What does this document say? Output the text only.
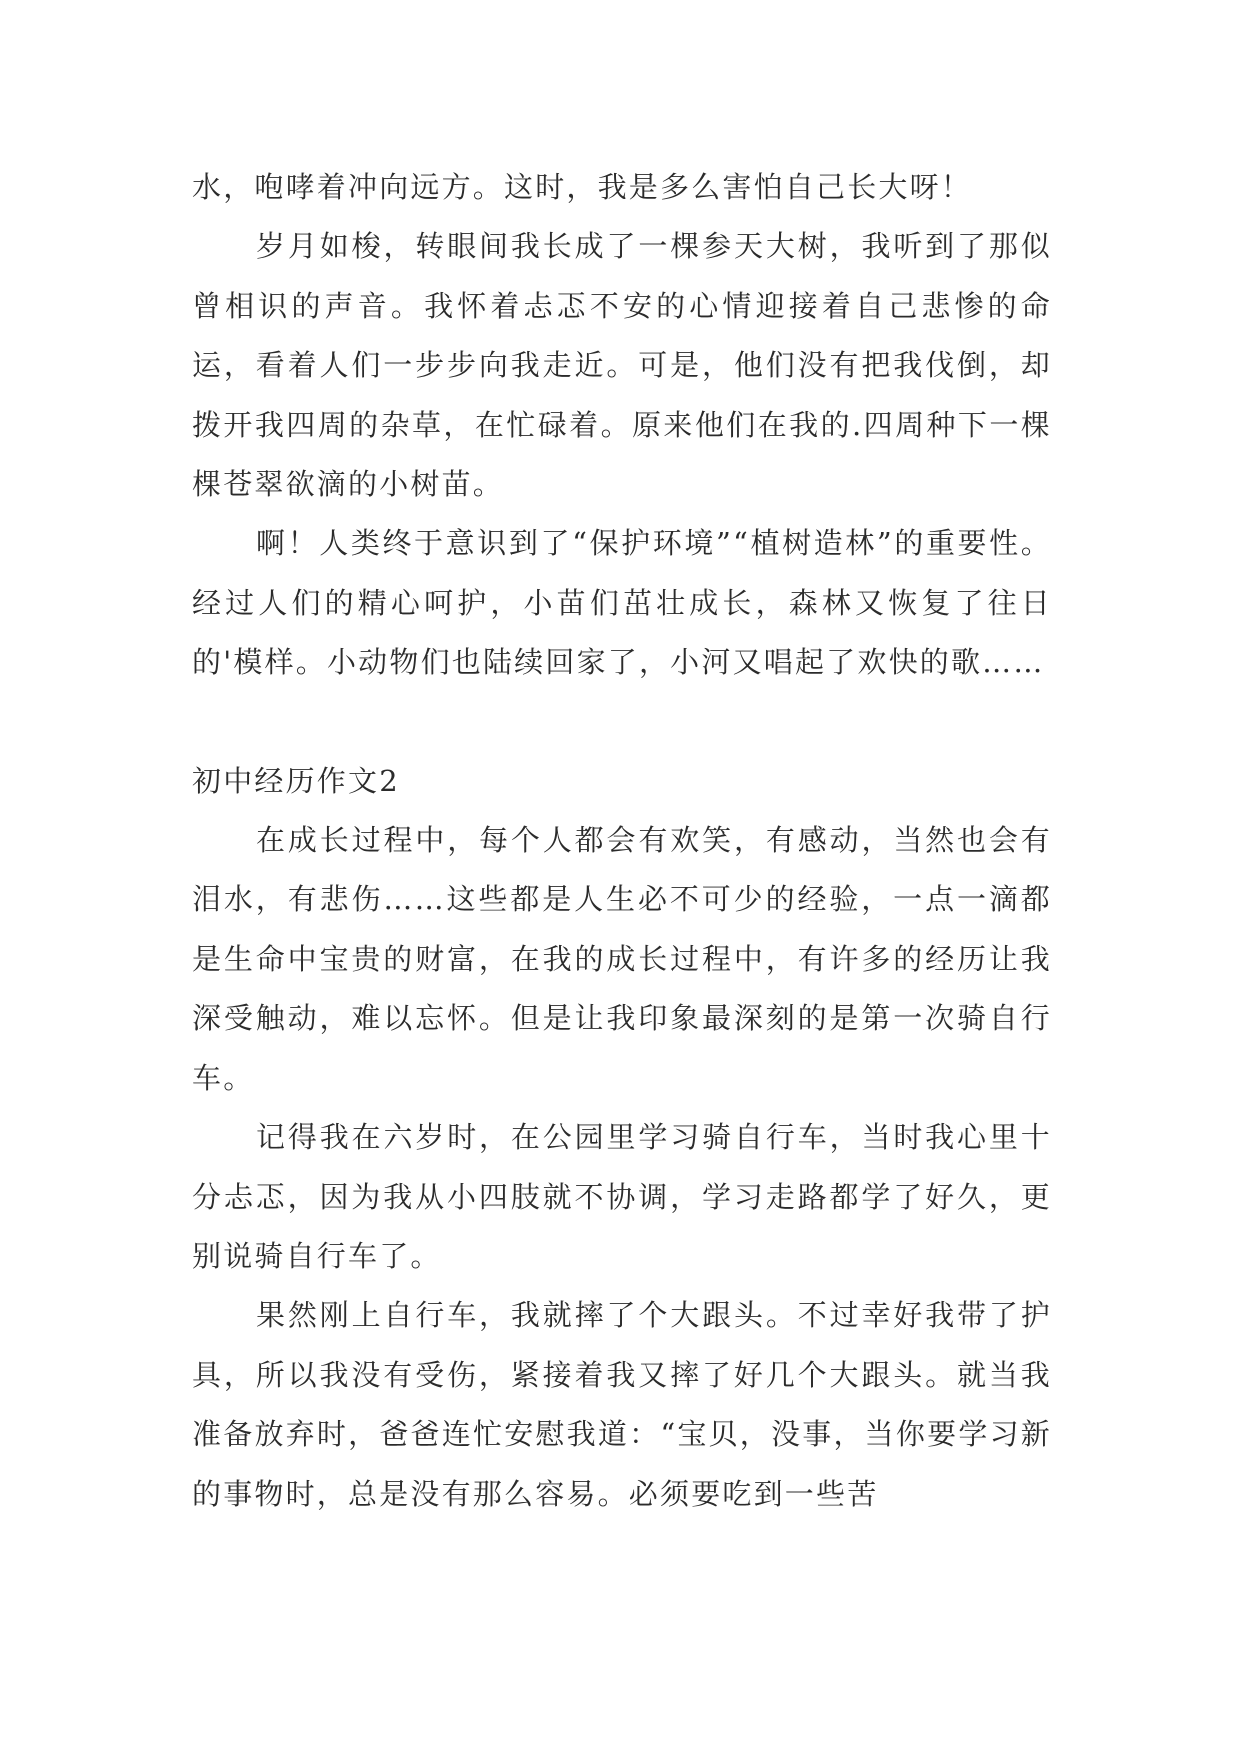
水，咆哮着冲向远方。这时，我是多么害怕自己长大呀！

岁月如梭，转眼间我长成了一棵参天大树，我听到了那似曾相识的声音。我怀着忐忑不安的心情迎接着自己悲惨的命运，看着人们一步步向我走近。可是，他们没有把我伐倒，却拨开我四周的杂草，在忙碌着。原来他们在我的.四周种下一棵棵苍翠欲滴的小树苗。

啊！人类终于意识到了“保护环境”“植树造林”的重要性。经过人们的精心呵护，小苗们茁壮成长，森林又恢复了往日的'模样。小动物们也陆续回家了，小河又唱起了欢快的歌……

初中经历作文2

在成长过程中，每个人都会有欢笑，有感动，当然也会有泪水，有悲伤……这些都是人生必不可少的经验，一点一滴都是生命中宝贵的财富，在我的成长过程中，有许多的经历让我深受触动，难以忘怀。但是让我印象最深刻的是第一次骑自行车。

记得我在六岁时，在公园里学习骑自行车，当时我心里十分忐忑，因为我从小四肢就不协调，学习走路都学了好久，更别说骑自行车了。

果然刚上自行车，我就摔了个大跟头。不过幸好我带了护具，所以我没有受伤，紧接着我又摔了好几个大跟头。就当我准备放弃时，爸爸连忙安慰我道：“宝贝，没事，当你要学习新的事物时，总是没有那么容易。必须要吃到一些苦
